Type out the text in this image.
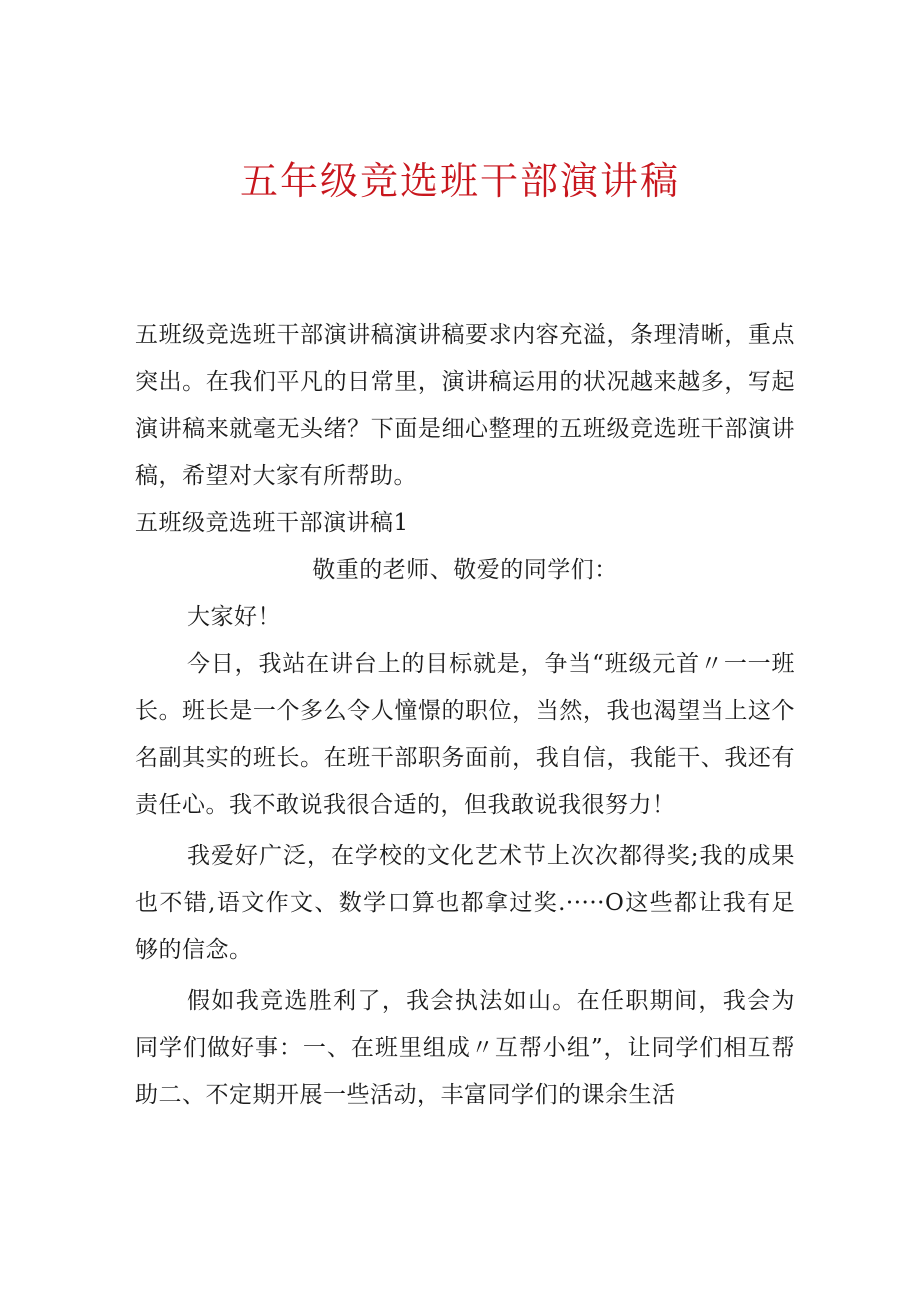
五年级竞选班干部演讲稿

五班级竞选班干部演讲稿演讲稿要求内容充溢，条理清晰，重点突出。在我们平凡的日常里，演讲稿运用的状况越来越多，写起演讲稿来就毫无头绪？下面是细心整理的五班级竞选班干部演讲稿，希望对大家有所帮助。

五班级竞选班干部演讲稿1

敬重的老师、敬爱的同学们：

大家好！

今日，我站在讲台上的目标就是，争当“班级元首〃一一班长。班长是一个多么令人憧憬的职位，当然，我也渴望当上这个名副其实的班长。在班干部职务面前，我自信，我能干、我还有责任心。我不敢说我很合适的，但我敢说我很努力！

我爱好广泛，在学校的文化艺术节上次次都得奖;我的成果也不错,语文作文、数学口算也都拿过奖.·····O这些都让我有足够的信念。

假如我竞选胜利了，我会执法如山。在任职期间，我会为同学们做好事：一、在班里组成〃互帮小组”，让同学们相互帮助二、不定期开展一些活动，丰富同学们的课余生活
